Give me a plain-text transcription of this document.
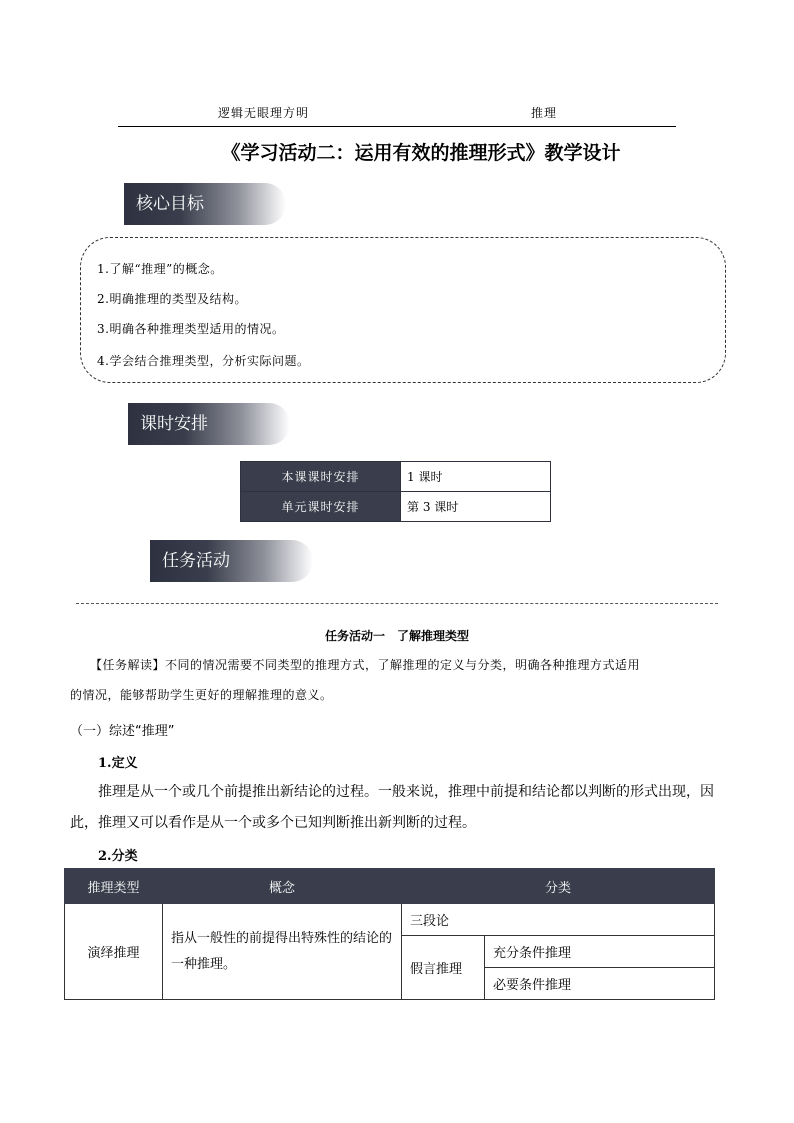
逻辑无眼理方明	推理
《学习活动二：运用有效的推理形式》教学设计
核心目标
1.了解“推理”的概念。
2.明确推理的类型及结构。
3.明确各种推理类型适用的情况。
4.学会结合推理类型，分析实际问题。
课时安排
本课课时安排	1 课时
单元课时安排	第 3 课时
任务活动
任务活动一　了解推理类型
【任务解读】不同的情况需要不同类型的推理方式，了解推理的定义与分类，明确各种推理方式适用
的情况，能够帮助学生更好的理解推理的意义。
（一）综述“推理”
1.定义
推理是从一个或几个前提推出新结论的过程。一般来说，推理中前提和结论都以判断的形式出现，因
此，推理又可以看作是从一个或多个已知判断推出新判断的过程。
2.分类
推理类型	概念	分类	
演绎推理	指从一般性的前提得出特殊性的结论的一种推理。	三段论	
		假言推理	充分条件推理
			必要条件推理
